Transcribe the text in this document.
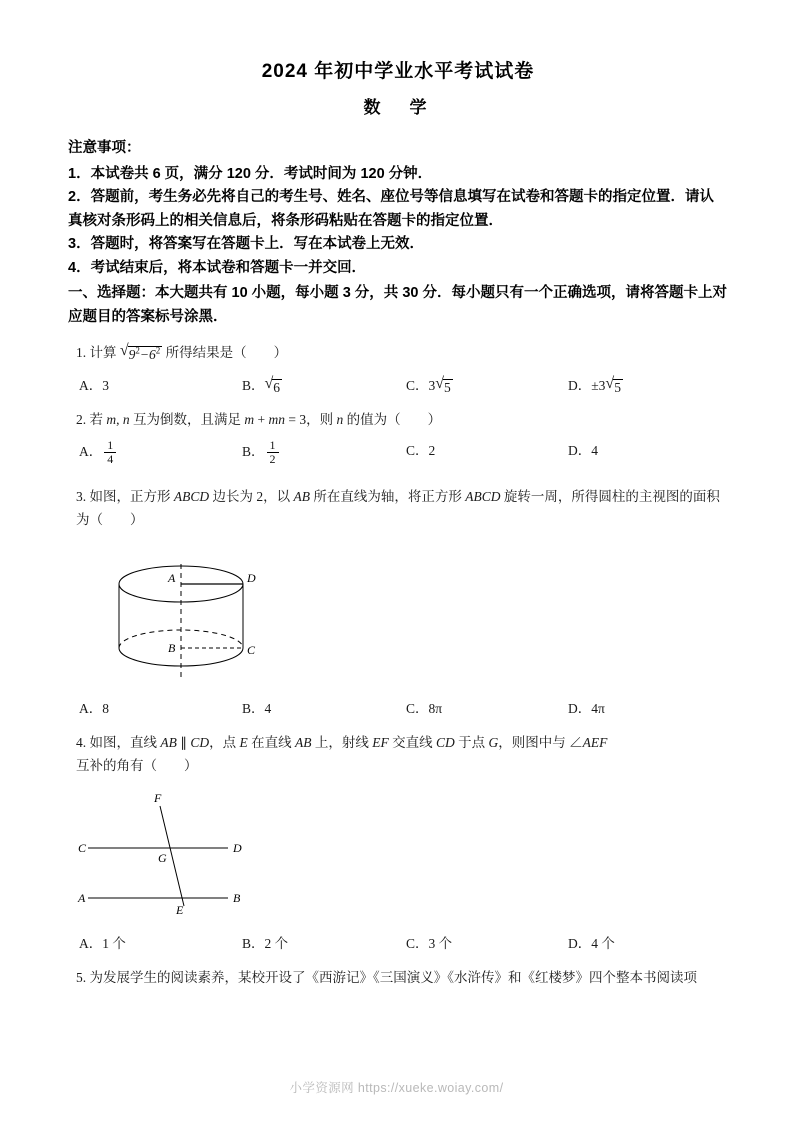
2024 年初中学业水平考试试卷
数　学

注意事项：

1．本试卷共 6 页，满分 120 分．考试时间为 120 分钟．

2．答题前，考生务必先将自己的考生号、姓名、座位号等信息填写在试卷和答题卡的指定位置．请认真核对条形码上的相关信息后，将条形码粘贴在答题卡的指定位置．

3．答题时，将答案写在答题卡上．写在本试卷上无效．

4．考试结束后，将本试卷和答题卡一并交回．

一、选择题：本大题共有 10 小题，每小题 3 分，共 30 分．每小题只有一个正确选项，请将答题卡上对应题目的答案标号涂黑．

1. 计算 $√9^2-6^2$ 所得结果是（　　）
A．3	B．√6	C．3√5	D．±3√5
2. 若 m, n 互为倒数，且满足 m + mn = 3，则 n 的值为（　　）
A． $\frac{1}{4}$	B． $\frac{1}{2}$	C．2	D．4
3. 如图，正方形 ABCD 边长为 2，以 AB 所在直线为轴，将正方形 ABCD 旋转一周，所得圆柱的主视图的面积为（　　）
A	D
B	C
A．8	B．4	C．8π	D．4π
4. 如图，直线 AB ∥ CD，点 E 在直线 AB 上，射线 EF 交直线 CD 于点 G，则图中与 ∠AEF 互补的角有（　　）
F
C	D
G
A	B
E
A．1 个	B．2 个	C．3 个	D．4 个
5. 为发展学生的阅读素养，某校开设了《西游记》《三国演义》《水浒传》和《红楼梦》四个整本书阅读项
小学资源网 https://xueke.woiay.com/
